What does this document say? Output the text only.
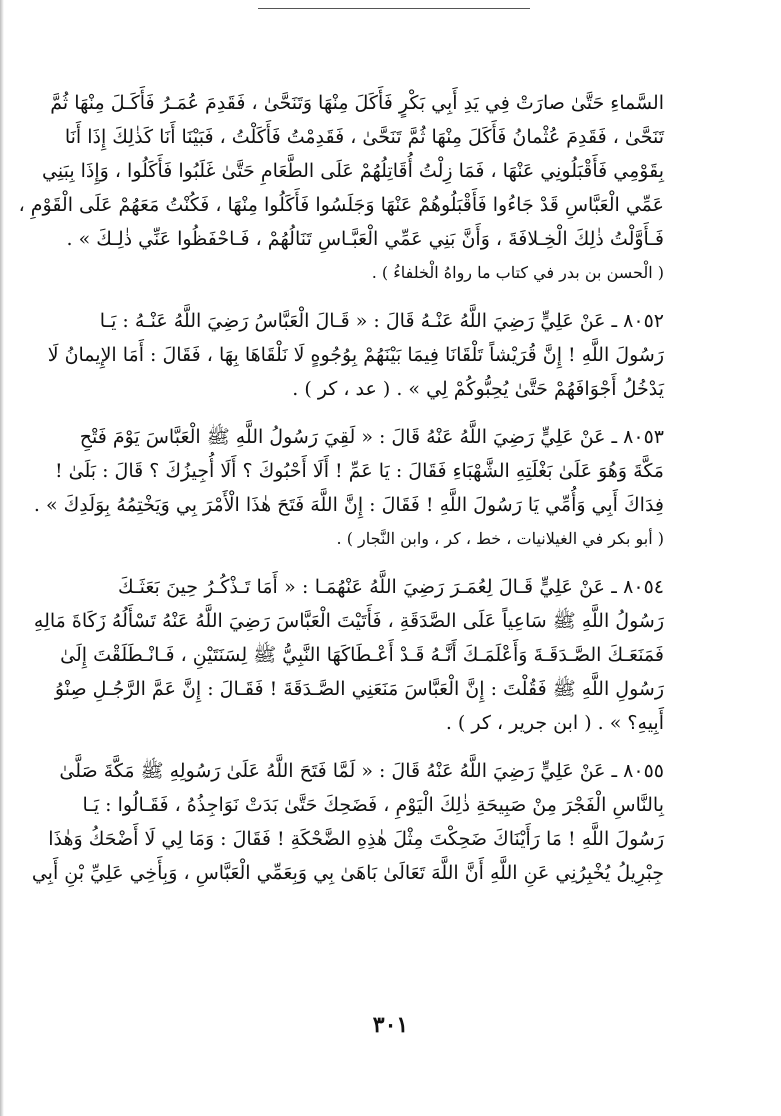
السَّماءِ حَتَّىٰ صارَتْ فِي يَدِ أَبِي بَكْرٍ فَأَكَلَ مِنْهَا وَتَنَحَّىٰ ، فَقَدِمَ عُمَـرُ فَأَكَـلَ مِنْهَا ثُمَّ
تَنَحَّىٰ ، فَقَدِمَ عُثْمانُ فَأَكَلَ مِنْهَا ثُمَّ تَنَحَّىٰ ، فَقَدِمْتُ فَأَكَلْتُ ، فَبَيْنَا أَنَا كَذٰلِكَ إِذَا أَنَا
بِقَوْمِي فَأَقْبَلُونِي عَنْهَا ، فَمَا زِلْتُ أُقَاتِلُهُمْ عَلَى الطَّعَامِ حَتَّىٰ غَلَبُوا فَأَكَلُوا ، وَإِذَا بِبَنِي
عَمِّي الْعَبَّاسِ قَدْ جَاءُوا فَأَقْبَلُوهُمْ عَنْهَا وَجَلَسُوا فَأَكَلُوا مِنْهَا ، فَكُنْتُ مَعَهُمْ عَلَى الْقَوْمِ ،
فَـأَوَّلْتُ ذٰلِكَ الْخِـلافَةَ ، وَأَنَّ بَنِي عَمِّي الْعَبَّـاسِ تَنَالُهُمْ ، فَـاحْفَظُوا عَنِّي ذٰلِـكَ » .
( الْحسن بن بدر في كتاب ما رواهُ الْخلفاءُ ) .
٨٠٥٢ ـ عَنْ عَلِيٍّ رَضِيَ اللَّهُ عَنْـهُ قَالَ : « قَـالَ الْعَبَّاسُ رَضِيَ اللَّهُ عَنْـهُ : يَـا
رَسُولَ اللَّهِ ! إِنَّ قُرَيْشاً تَلْقَانَا فِيمَا بَيْنَهُمْ بِوُجُوهٍ لَا نَلْقَاهَا بِهَا ، فَقَالَ : أَمَا الإِيمانُ لَا
يَدْخُلُ أَجْوَافَهُمْ حَتَّىٰ يُحِبُّوكُمْ لِي » . ( عد ، كر ) .
٨٠٥٣ ـ عَنْ عَلِيٍّ رَضِيَ اللَّهُ عَنْهُ قَالَ : « لَقِيَ رَسُولُ اللَّهِ ﷺ الْعَبَّاسَ يَوْمَ فَتْحِ
مَكَّةَ وَهُوَ عَلَىٰ بَغْلَتِهِ الشَّهْبَاءِ فَقَالَ : يَا عَمِّ ! أَلَا أَحْبُوكَ ؟ أَلَا أُجِيزُكَ ؟ قَالَ : بَلَىٰ !
فِدَاكَ أَبِي وَأُمِّي يَا رَسُولَ اللَّهِ ! فَقَالَ : إِنَّ اللَّهَ فَتَحَ هٰذَا الْأَمْرَ بِي وَيَخْتِمُهُ بِوَلَدِكَ » .
( أبو بكر في الغيلانيات ، خط ، كر ، وابن النَّجار ) .
٨٠٥٤ ـ عَنْ عَلِيٍّ قَـالَ لِعُمَـرَ رَضِيَ اللَّهُ عَنْهُمَـا : « أَمَا تَـذْكُـرُ حِينَ بَعَثَـكَ
رَسُولُ اللَّهِ ﷺ سَاعِياً عَلَى الصَّدَقَةِ ، فَأَتَيْتَ الْعَبَّاسَ رَضِيَ اللَّهُ عَنْهُ تَسْأَلُهُ زَكَاةَ مَالِهِ
فَمَنَعَـكَ الصَّـدَقَـةَ وَأَعْلَمَـكَ أَنَّـهُ قَـدْ أَعْـطَاكَهَا النَّبِيُّ ﷺ لِسَنَتَيْنِ ، فَـانْـطَلَقْتَ إِلَىٰ
رَسُولِ اللَّهِ ﷺ فَقُلْتَ : إِنَّ الْعَبَّاسَ مَنَعَنِي الصَّـدَقَةَ ! فَقَـالَ : إِنَّ عَمَّ الرَّجُـلِ صِنْوُ
أَبِيهِ؟ » . ( ابن جرير ، كر ) .
٨٠٥٥ ـ عَنْ عَلِيٍّ رَضِيَ اللَّهُ عَنْهُ قَالَ : « لَمَّا فَتَحَ اللَّهُ عَلَىٰ رَسُولِهِ ﷺ مَكَّةَ صَلَّىٰ
بِالنَّاسِ الْفَجْرَ مِنْ صَبِيحَةِ ذٰلِكَ الْيَوْمِ ، فَضَحِكَ حَتَّىٰ بَدَتْ نَوَاجِذُهُ ، فَقَـالُوا : يَـا
رَسُولَ اللَّهِ ! مَا رَأَيْنَاكَ ضَحِكْتَ مِثْلَ هٰذِهِ الضَّحْكَةِ ! فَقَالَ : وَمَا لِي لَا أَضْحَكُ وَهٰذَا
جِبْرِيلُ يُخْبِرُنِي عَنِ اللَّهِ أَنَّ اللَّهَ تَعَالَىٰ بَاهَىٰ بِي وَبِعَمِّي الْعَبَّاسِ ، وَبِأَخِي عَلِيِّ بْنِ أَبِي
٣٠١
